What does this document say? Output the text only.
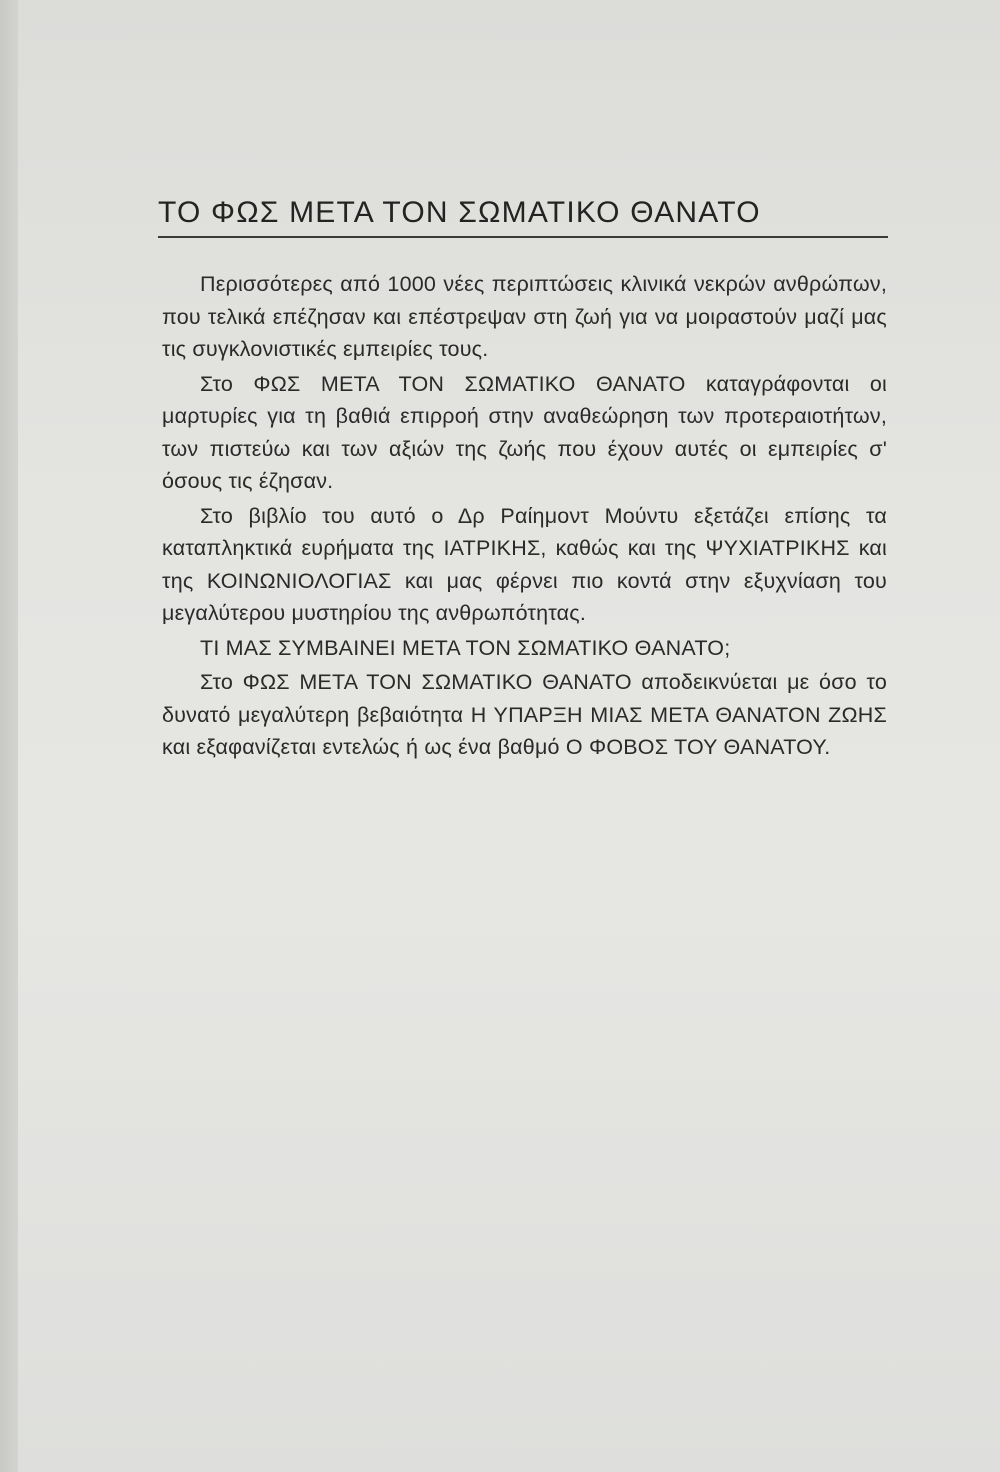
ΤΟ ΦΩΣ ΜΕΤΑ ΤΟΝ ΣΩΜΑΤΙΚΟ ΘΑΝΑΤΟ

Περισσότερες από 1000 νέες περιπτώσεις κλινικά νεκρών ανθρώπων, που τελικά επέζησαν και επέστρεψαν στη ζωή για να μοιραστούν μαζί μας τις συγκλονιστικές εμπειρίες τους.

Στο ΦΩΣ ΜΕΤΑ ΤΟΝ ΣΩΜΑΤΙΚΟ ΘΑΝΑΤΟ καταγράφονται οι μαρτυρίες για τη βαθιά επιρροή στην αναθεώρηση των προτεραιοτήτων, των πιστεύω και των αξιών της ζωής που έχουν αυτές οι εμπειρίες σ' όσους τις έζησαν.

Στο βιβλίο του αυτό ο Δρ Ραίημοντ Μούντυ εξετάζει επίσης τα καταπληκτικά ευρήματα της ΙΑΤΡΙΚΗΣ, καθώς και της ΨΥΧΙΑΤΡΙΚΗΣ και της ΚΟΙΝΩΝΙΟΛΟΓΙΑΣ και μας φέρνει πιο κοντά στην εξυχνίαση του μεγαλύτερου μυστηρίου της ανθρωπότητας.

ΤΙ ΜΑΣ ΣΥΜΒΑΙΝΕΙ ΜΕΤΑ ΤΟΝ ΣΩΜΑΤΙΚΟ ΘΑΝΑΤΟ;

Στο ΦΩΣ ΜΕΤΑ ΤΟΝ ΣΩΜΑΤΙΚΟ ΘΑΝΑΤΟ αποδεικνύεται με όσο το δυνατό μεγαλύτερη βεβαιότητα Η ΥΠΑΡΞΗ ΜΙΑΣ ΜΕΤΑ ΘΑΝΑΤΟΝ ΖΩΗΣ και εξαφανίζεται εντελώς ή ως ένα βαθμό Ο ΦΟΒΟΣ ΤΟΥ ΘΑΝΑΤΟΥ.
